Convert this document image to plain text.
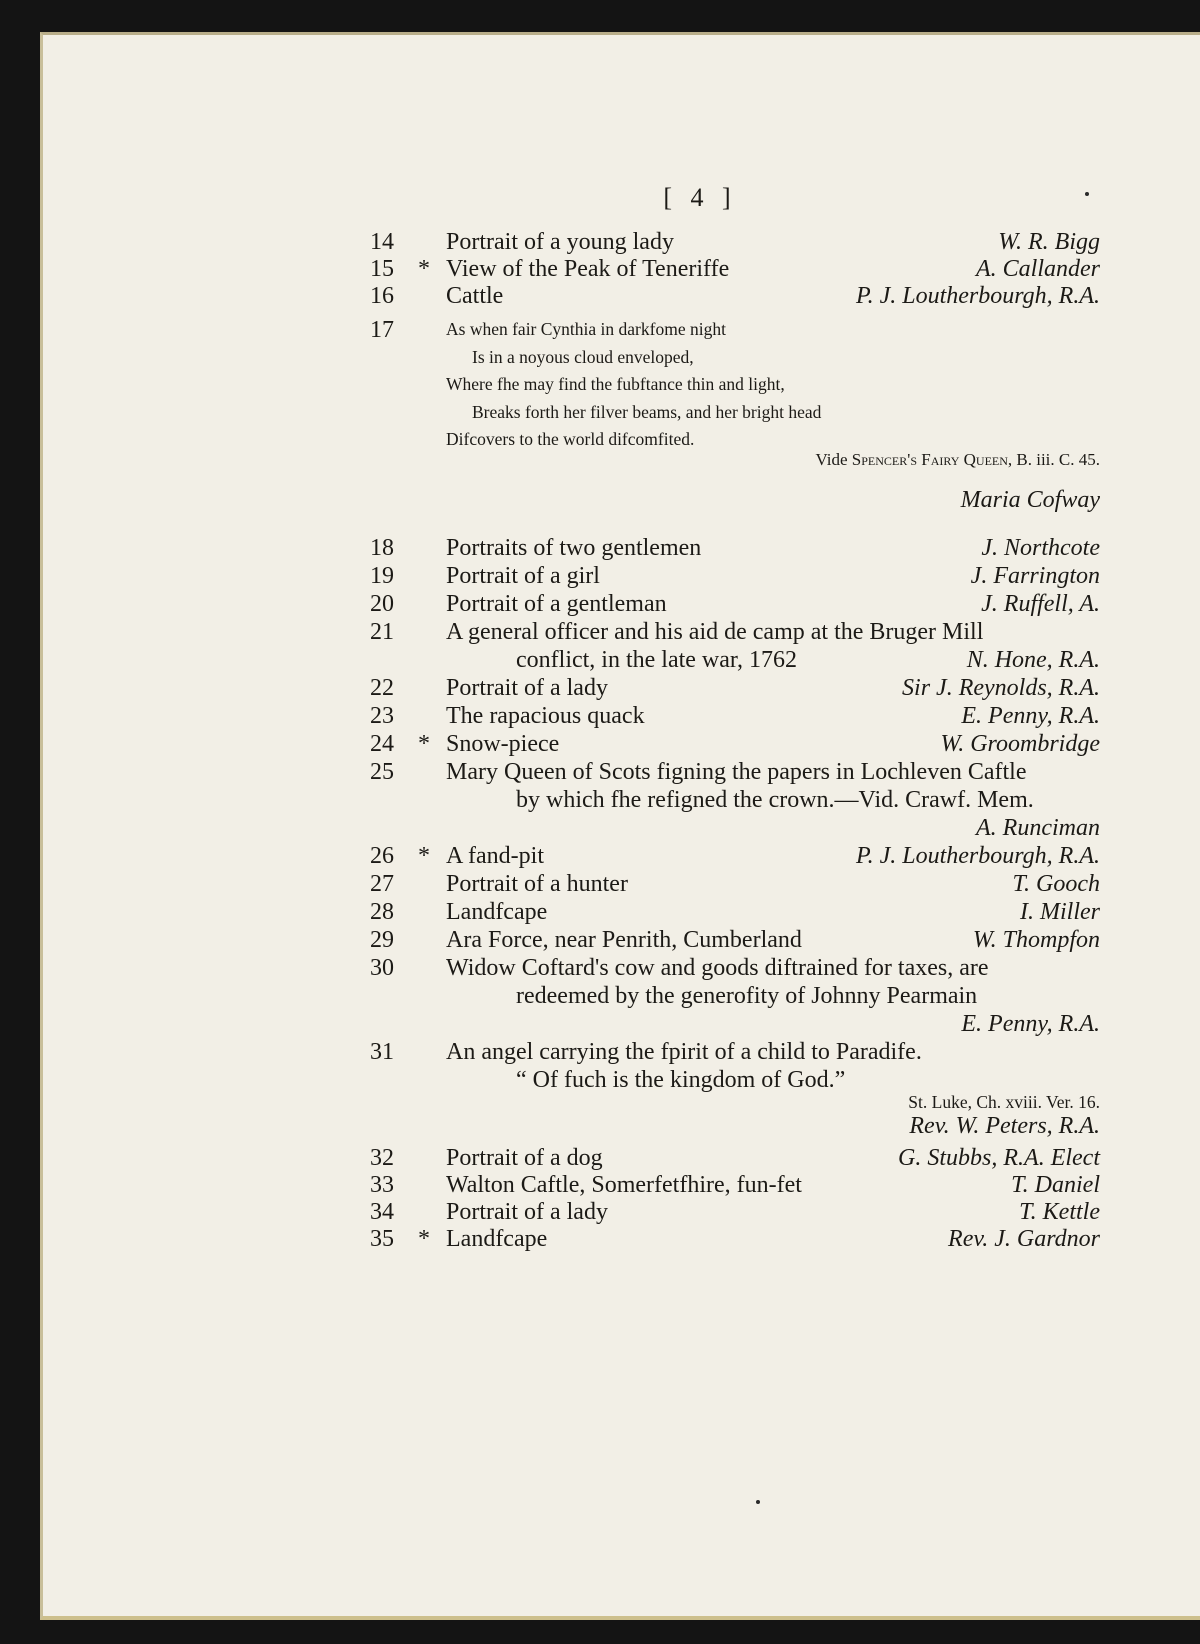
[ 4 ]
14 Portrait of a young lady	W. R. Bigg
15 * View of the Peak of Teneriffe	A. Callander
16 Cattle	P. J. Loutherbourgh, R.A.
17	As when fair Cynthia in darkfome night
Is in a noyous cloud enveloped,
Where fhe may find the fubftance thin and light,
Breaks forth her filver beams, and her bright head
Difcovers to the world difcomfited.
Vide Spencer's Fairy Queen, B. iii. C. 45.
Maria Cofway
18 Portraits of two gentlemen	J. Northcote
19 Portrait of a girl	J. Farrington
20 Portrait of a gentleman	J. Ruffell, A.
21 A general officer and his aid de camp at the Bruger Mill
conflict, in the late war, 1762	N. Hone, R.A.
22 Portrait of a lady	Sir J. Reynolds, R.A.
23 The rapacious quack	E. Penny, R.A.
24 * Snow-piece	W. Groombridge
25 Mary Queen of Scots figning the papers in Lochleven Caftle
by which fhe refigned the crown.—Vid. Crawf. Mem.
A. Runciman
26 * A fand-pit	P. J. Loutherbourgh, R.A.
27 Portrait of a hunter	T. Gooch
28 Landfcape	I. Miller
29 Ara Force, near Penrith, Cumberland	W. Thompfon
30 Widow Coftard's cow and goods diftrained for taxes, are
redeemed by the generofity of Johnny Pearmain
E. Penny, R.A.
31 An angel carrying the fpirit of a child to Paradife.
“ Of fuch is the kingdom of God.”
St. Luke, Ch. xviii. Ver. 16.
Rev. W. Peters, R.A.
32 Portrait of a dog	G. Stubbs, R.A. Elect
33 Walton Caftle, Somerfetfhire, fun-fet	T. Daniel
34 Portrait of a lady	T. Kettle
35 * Landfcape	Rev. J. Gardnor
